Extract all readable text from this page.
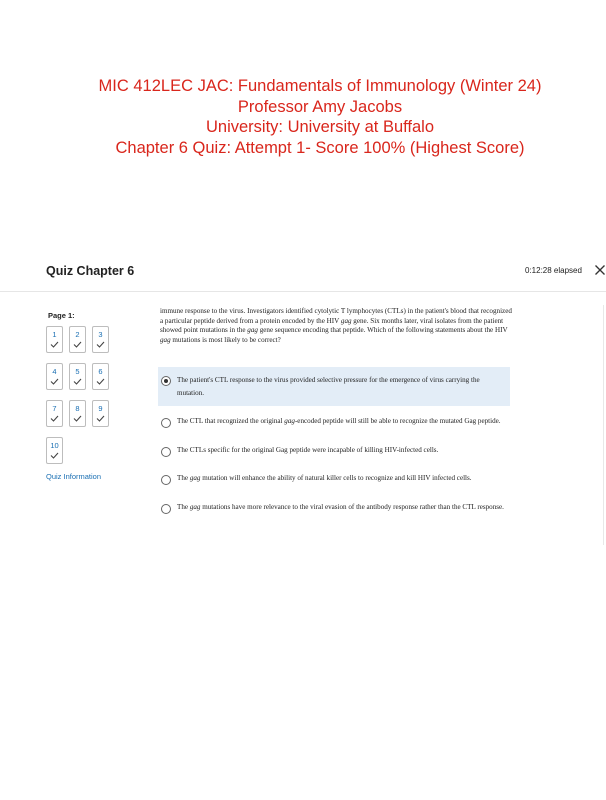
MIC 412LEC JAC: Fundamentals of Immunology (Winter 24)
Professor Amy Jacobs
University: University at Buffalo
Chapter 6 Quiz: Attempt 1- Score 100% (Highest Score)
Quiz Chapter 6	0:12:28 elapsed
Page 1:
1	2	3
4	5	6
7	8	9
10
Quiz Information
immune response to the virus. Investigators identified cytolytic T lymphocytes (CTLs) in the patient's blood that recognized a particular peptide derived from a protein encoded by the HIV gag gene. Six months later, viral isolates from the patient showed point mutations in the gag gene sequence encoding that peptide. Which of the following statements about the HIV gag mutations is most likely to be correct?
The patient's CTL response to the virus provided selective pressure for the emergence of virus carrying the mutation.
The CTL that recognized the original gag-encoded peptide will still be able to recognize the mutated Gag peptide.
The CTLs specific for the original Gag peptide were incapable of killing HIV-infected cells.
The gag mutation will enhance the ability of natural killer cells to recognize and kill HIV infected cells.
The gag mutations have more relevance to the viral evasion of the antibody response rather than the CTL response.
